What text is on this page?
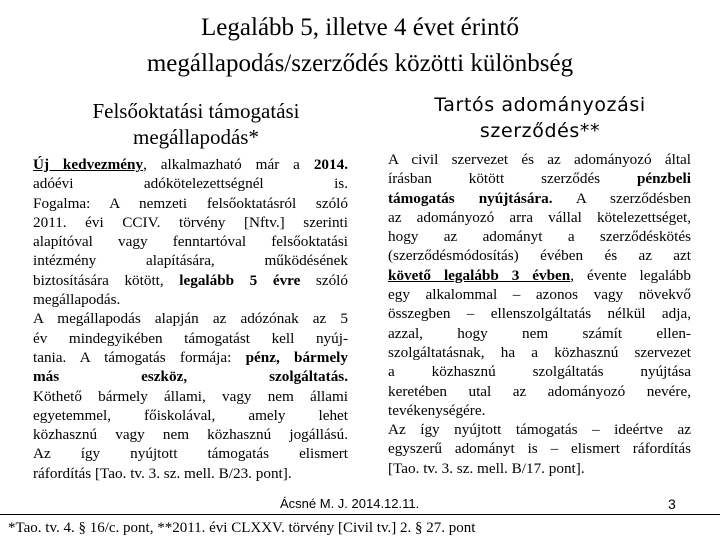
Legalább 5, illetve 4 évet érintő
megállapodás/szerződés közötti különbség
Felsőoktatási támogatási
megállapodás*
Tartós adományozási
szerződés**
Új kedvezmény, alkalmazható már a 2014.
adóévi adókötelezettségnél is.
Fogalma: A nemzeti felsőoktatásról szóló
2011. évi CCIV. törvény [Nftv.] szerinti
alapítóval vagy fenntartóval felsőoktatási
intézmény alapítására, működésének
biztosítására kötött, legalább 5 évre szóló
megállapodás.
A megállapodás alapján az adózónak az 5
év mindegyikében támogatást kell nyúj-
tania. A támogatás formája: pénz, bármely
más eszköz, szolgáltatás.
Köthető bármely állami, vagy nem állami
egyetemmel, főiskolával, amely lehet
közhasznú vagy nem közhasznú jogállású.
Az így nyújtott támogatás elismert
ráfordítás [Tao. tv. 3. sz. mell. B/23. pont].
A civil szervezet és az adományozó által
írásban kötött szerződés pénzbeli
támogatás nyújtására. A szerződésben
az adományozó arra vállal kötelezettséget,
hogy az adományt a szerződéskötés
(szerződésmódosítás) évében és az azt
követő legalább 3 évben, évente legalább
egy alkalommal – azonos vagy növekvő
összegben – ellenszolgáltatás nélkül adja,
azzal, hogy nem számít ellen-
szolgáltatásnak, ha a közhasznú szervezet
a közhasznú szolgáltatás nyújtása
keretében utal az adományozó nevére,
tevékenységére.
Az így nyújtott támogatás – ideértve az
egyszerű adományt is – elismert ráfordítás
[Tao. tv. 3. sz. mell. B/17. pont].
Ácsné M. J. 2014.12.11.	3
*Tao. tv. 4. § 16/c. pont, **2011. évi CLXXV. törvény [Civil tv.] 2. § 27. pont
